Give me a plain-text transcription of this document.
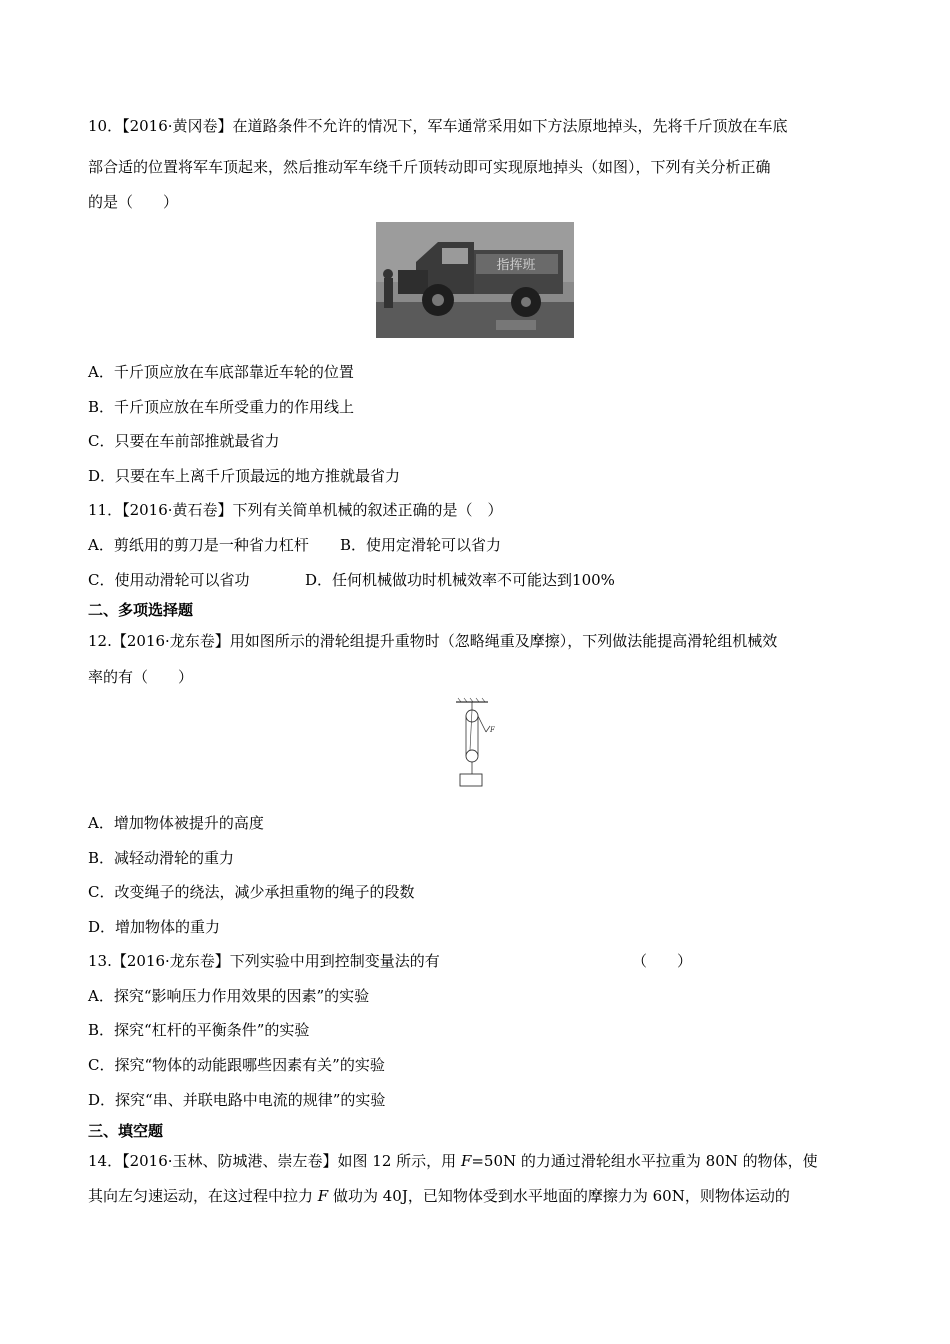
10．【2016·黄冈卷】在道路条件不允许的情况下，军车通常采用如下方法原地掉头，先将千斤顶放在车底
部合适的位置将军车顶起来，然后推动军车绕千斤顶转动即可实现原地掉头（如图），下列有关分析正确
的是（　　）
指挥班
A．千斤顶应放在车底部靠近车轮的位置
B．千斤顶应放在车所受重力的作用线上
C．只要在车前部推就最省力
D．只要在车上离千斤顶最远的地方推就最省力
11．【2016·黄石卷】下列有关简单机械的叙述正确的是（　）
A．剪纸用的剪刀是一种省力杠杆 B．使用定滑轮可以省力
C．使用动滑轮可以省功	D．任何机械做功时机械效率不可能达到100%
二、多项选择题
12.【2016·龙东卷】用如图所示的滑轮组提升重物时（忽略绳重及摩擦），下列做法能提高滑轮组机械效
率的有（　　）
F
A．增加物体被提升的高度
B．减轻动滑轮的重力
C．改变绳子的绕法，减少承担重物的绳子的段数
D．增加物体的重力
13.【2016·龙东卷】下列实验中用到控制变量法的有	（　　）
A．探究“影响压力作用效果的因素”的实验
B．探究“杠杆的平衡条件”的实验
C．探究“物体的动能跟哪些因素有关”的实验
D．探究“串、并联电路中电流的规律”的实验
三、填空题
14．【2016·玉林、防城港、崇左卷】如图 12 所示，用 F=50N 的力通过滑轮组水平拉重为 80N 的物体，使
其向左匀速运动，在这过程中拉力 F 做功为 40J，已知物体受到水平地面的摩擦力为 60N，则物体运动的
